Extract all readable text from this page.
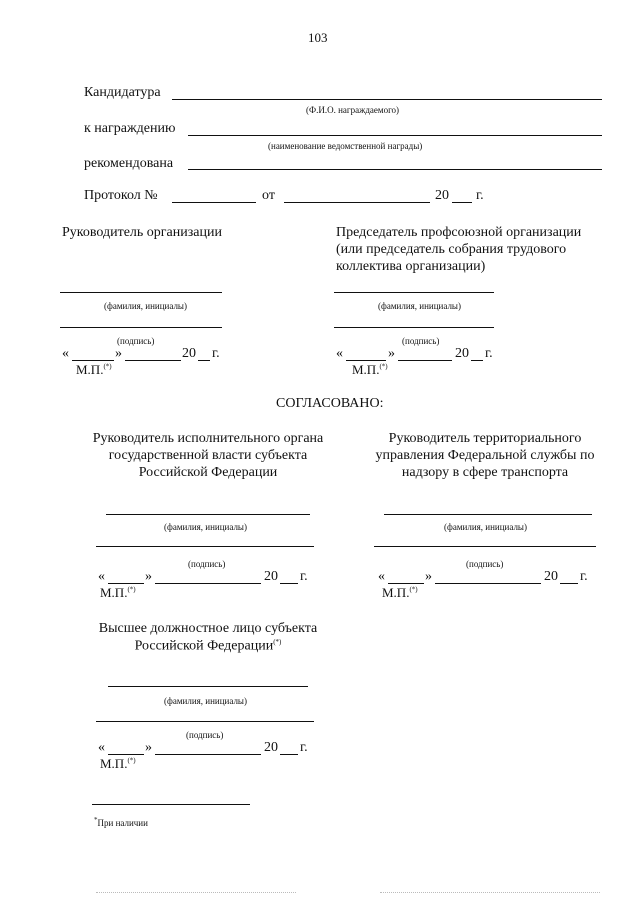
103
Кандидатура
(Ф.И.О. награждаемого)
к награждению
(наименование ведомственной награды)
рекомендована
Протокол №	от	20 г.
Руководитель организации
(фамилия, инициалы)
(подпись)
«	»	20 г.
М.П.(*)
Председатель профсоюзной организации
(или председатель собрания трудового
коллектива организации)
(фамилия, инициалы)
(подпись)
«	»	20 г.
М.П.(*)
СОГЛАСОВАНО:
Руководитель исполнительного органа
государственной власти субъекта
Российской Федерации
(фамилия, инициалы)
(подпись)
«	»	20 г.
М.П.(*)
Руководитель территориального
управления Федеральной службы по
надзору в сфере транспорта
(фамилия, инициалы)
(подпись)
«	»	20 г.
М.П.(*)
Высшее должностное лицо субъекта
Российской Федерации(*)
(фамилия, инициалы)
(подпись)
«	»	20 г.
М.П.(*)
*При наличии
